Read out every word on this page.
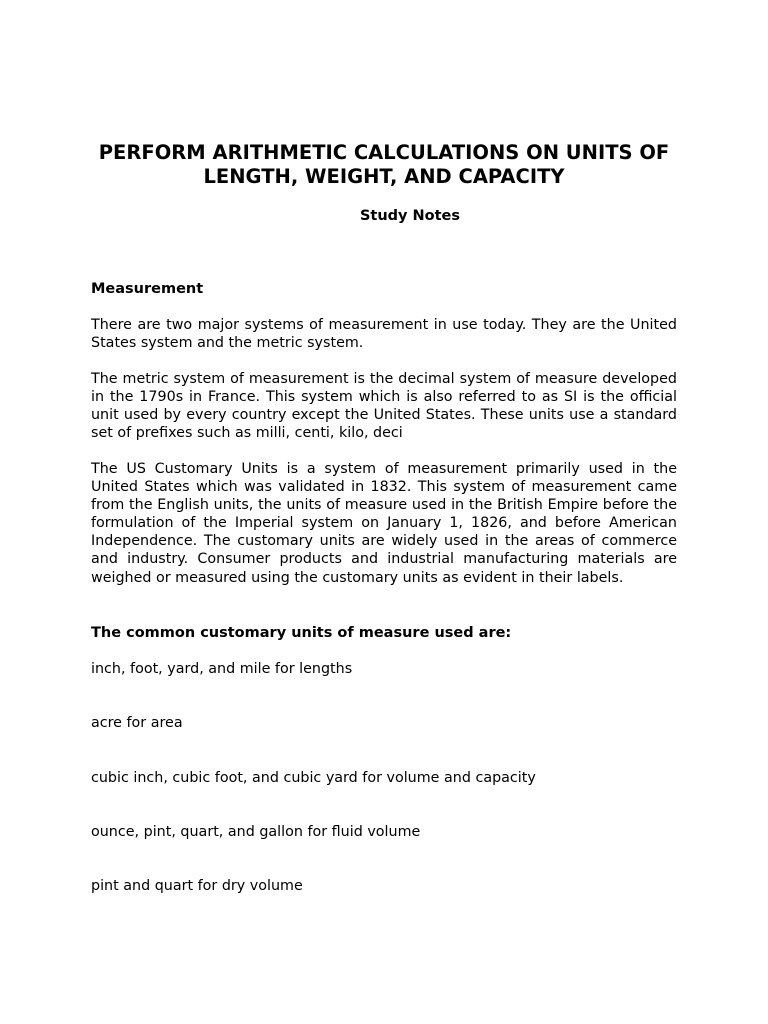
PERFORM ARITHMETIC CALCULATIONS ON UNITS OF LENGTH, WEIGHT, AND CAPACITY

Study Notes

Measurement

There are two major systems of measurement in use today. They are the United States system and the metric system.

The metric system of measurement is the decimal system of measure developed in the 1790s in France. This system which is also referred to as SI is the official unit used by every country except the United States. These units use a standard set of prefixes such as milli, centi, kilo, deci

The US Customary Units is a system of measurement primarily used in the United States which was validated in 1832. This system of measurement came from the English units, the units of measure used in the British Empire before the formulation of the Imperial system on January 1, 1826, and before American Independence. The customary units are widely used in the areas of commerce and industry. Consumer products and industrial manufacturing materials are weighed or measured using the customary units as evident in their labels.

The common customary units of measure used are:

inch, foot, yard, and mile for lengths

acre for area

cubic inch, cubic foot, and cubic yard for volume and capacity

ounce, pint, quart, and gallon for fluid volume

pint and quart for dry volume
